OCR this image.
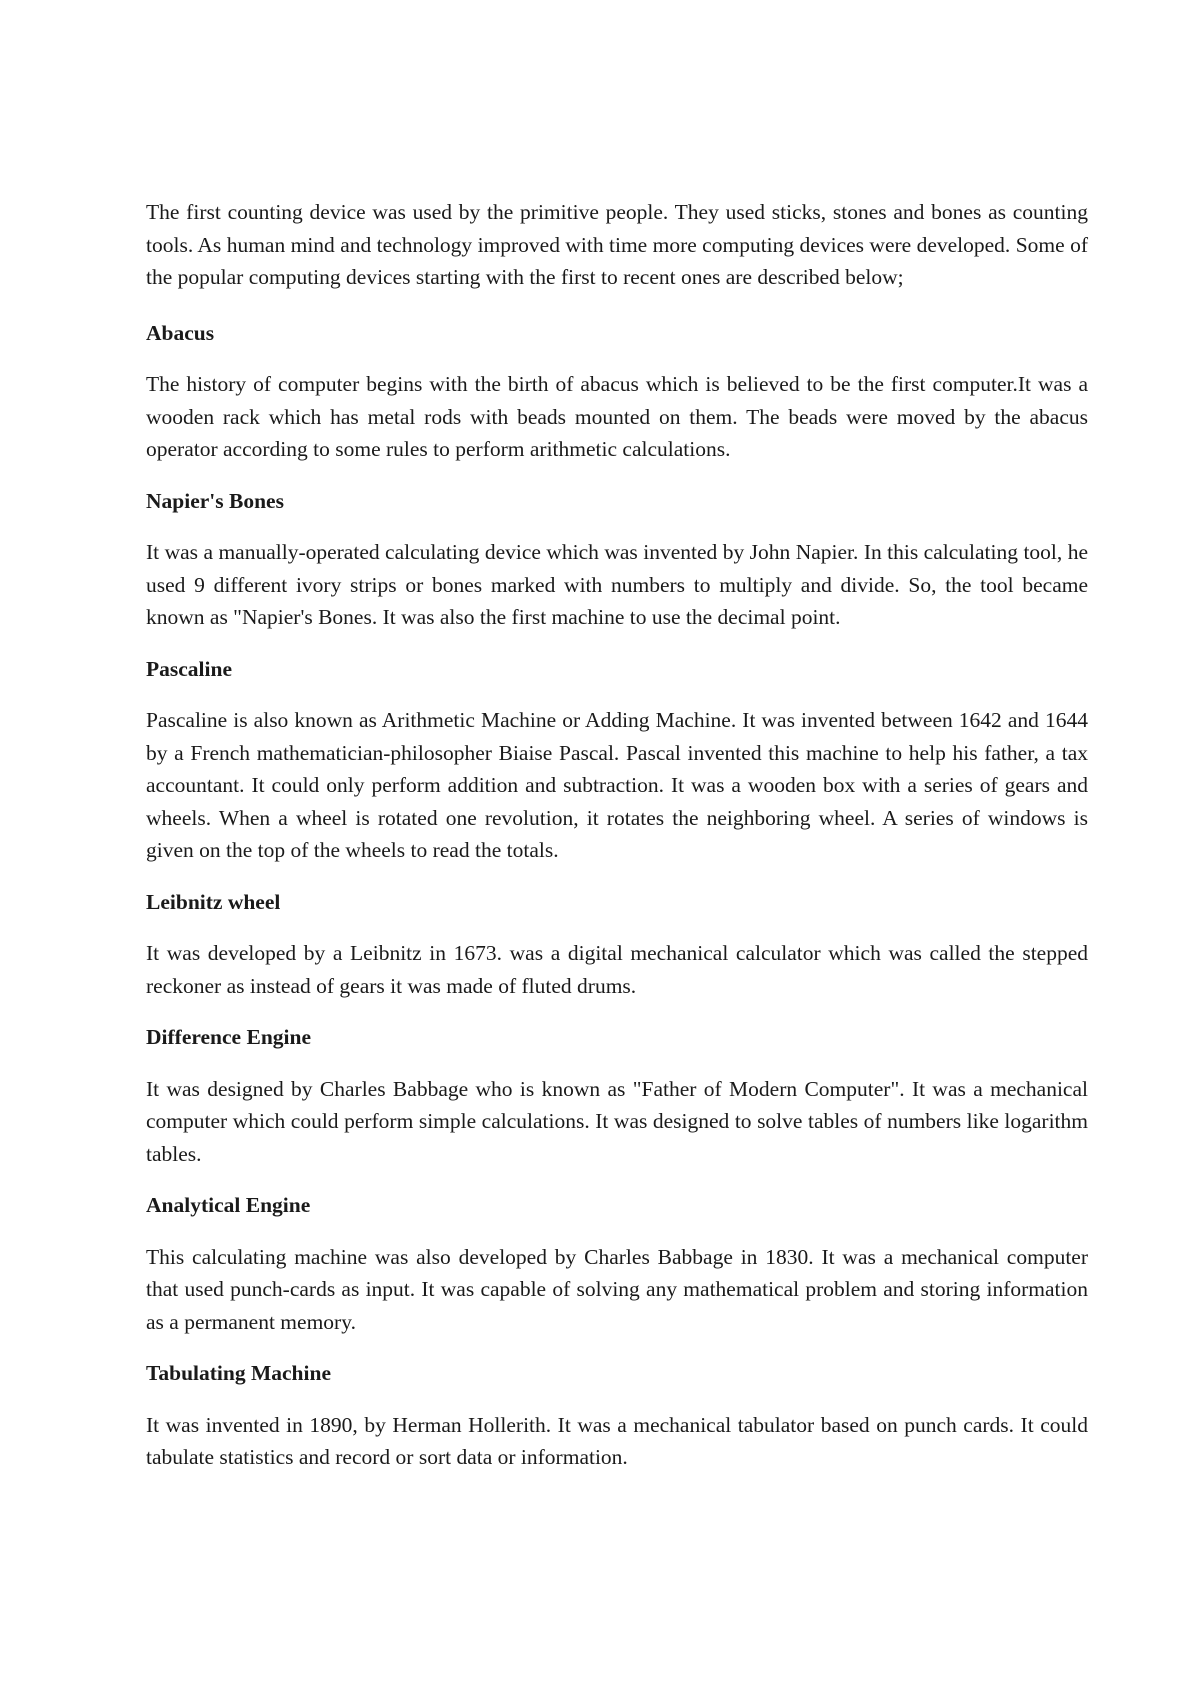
The first counting device was used by the primitive people. They used sticks, stones and bones as counting tools. As human mind and technology improved with time more computing devices were developed. Some of the popular computing devices starting with the first to recent ones are described below;

Abacus

The history of computer begins with the birth of abacus which is believed to be the first computer.It was a wooden rack which has metal rods with beads mounted on them. The beads were moved by the abacus operator according to some rules to perform arithmetic calculations.

Napier's Bones

It was a manually-operated calculating device which was invented by John Napier. In this calculating tool, he used 9 different ivory strips or bones marked with numbers to multiply and divide. So, the tool became known as "Napier's Bones. It was also the first machine to use the decimal point.

Pascaline

Pascaline is also known as Arithmetic Machine or Adding Machine. It was invented between 1642 and 1644 by a French mathematician-philosopher Biaise Pascal. Pascal invented this machine to help his father, a tax accountant. It could only perform addition and subtraction. It was a wooden box with a series of gears and wheels. When a wheel is rotated one revolution, it rotates the neighboring wheel. A series of windows is given on the top of the wheels to read the totals.

Leibnitz wheel

It was developed by a Leibnitz in 1673. was a digital mechanical calculator which was called the stepped reckoner as instead of gears it was made of fluted drums.

Difference Engine

It was designed by Charles Babbage who is known as "Father of Modern Computer". It was a mechanical computer which could perform simple calculations. It was designed to solve tables of numbers like logarithm tables.

Analytical Engine

This calculating machine was also developed by Charles Babbage in 1830. It was a mechanical computer that used punch-cards as input. It was capable of solving any mathematical problem and storing information as a permanent memory.

Tabulating Machine

It was invented in 1890, by Herman Hollerith. It was a mechanical tabulator based on punch cards. It could tabulate statistics and record or sort data or information.
